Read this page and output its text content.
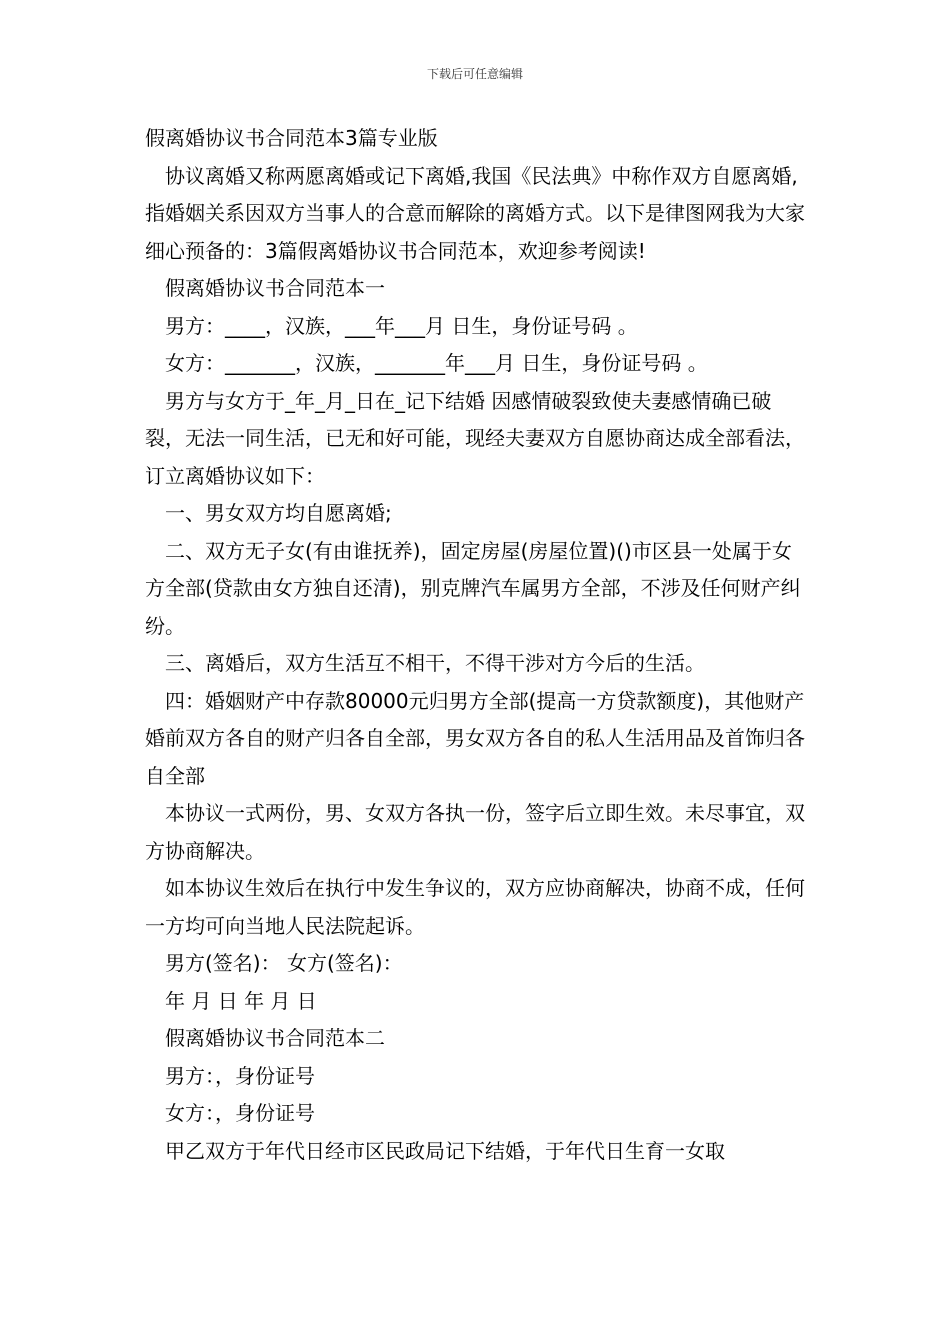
下载后可任意编辑

假离婚协议书合同范本3篇专业版

协议离婚又称两愿离婚或记下离婚,我国《民法典》中称作双方自愿离婚,指婚姻关系因双方当事人的合意而解除的离婚方式。以下是律图网我为大家细心预备的：3篇假离婚协议书合同范本，欢迎参考阅读!

假离婚协议书合同范本一

男方：____，汉族，___年___月 日生，身份证号码 。

女方：_______，汉族，_______年___月 日生，身份证号码 。

男方与女方于_年_月_日在_记下结婚 因感情破裂致使夫妻感情确已破裂，无法一同生活，已无和好可能，现经夫妻双方自愿协商达成全部看法，订立离婚协议如下：

一、男女双方均自愿离婚;

二、双方无子女(有由谁抚养)，固定房屋(房屋位置)()市区县一处属于女方全部(贷款由女方独自还清)，别克牌汽车属男方全部，不涉及任何财产纠纷。

三、离婚后，双方生活互不相干，不得干涉对方今后的生活。

四：婚姻财产中存款80000元归男方全部(提高一方贷款额度)，其他财产婚前双方各自的财产归各自全部，男女双方各自的私人生活用品及首饰归各自全部

本协议一式两份，男、女双方各执一份，签字后立即生效。未尽事宜，双方协商解决。

如本协议生效后在执行中发生争议的，双方应协商解决，协商不成，任何一方均可向当地人民法院起诉。

男方(签名)： 女方(签名)：

年 月 日 年 月 日

假离婚协议书合同范本二

男方：，身份证号

女方：，身份证号

甲乙双方于年代日经市区民政局记下结婚，于年代日生育一女取
